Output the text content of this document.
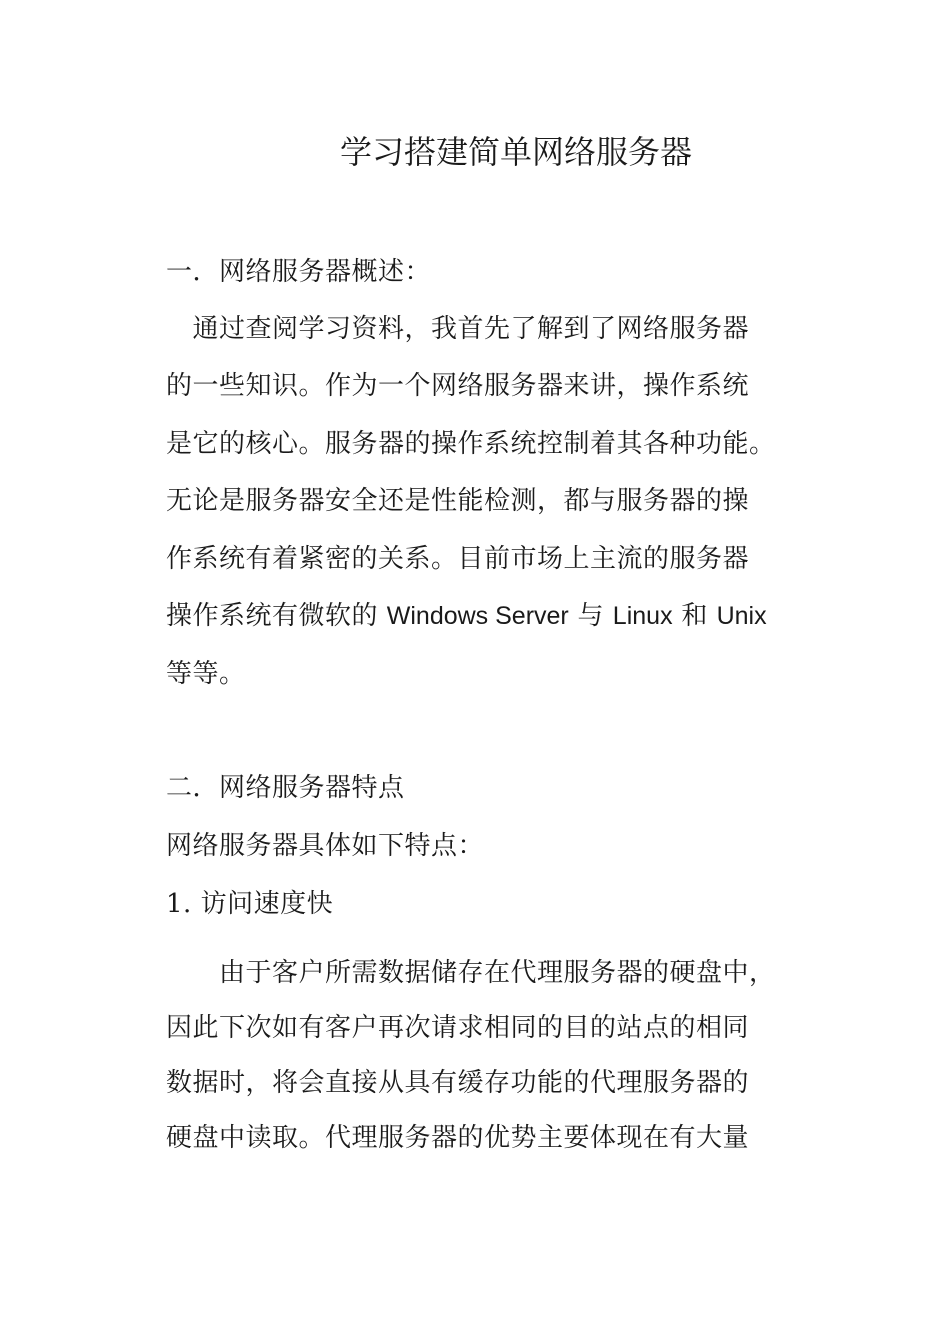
学习搭建简单网络服务器
一．网络服务器概述：
　通过查阅学习资料，我首先了解到了网络服务器
的一些知识。作为一个网络服务器来讲，操作系统
是它的核心。服务器的操作系统控制着其各种功能。
无论是服务器安全还是性能检测，都与服务器的操
作系统有着紧密的关系。目前市场上主流的服务器
操作系统有微软的 Windows Server 与 Linux 和 Unix
等等。
二．网络服务器特点
网络服务器具体如下特点：
1. 访问速度快
　　由于客户所需数据储存在代理服务器的硬盘中，
因此下次如有客户再次请求相同的目的站点的相同
数据时，将会直接从具有缓存功能的代理服务器的
硬盘中读取。代理服务器的优势主要体现在有大量
